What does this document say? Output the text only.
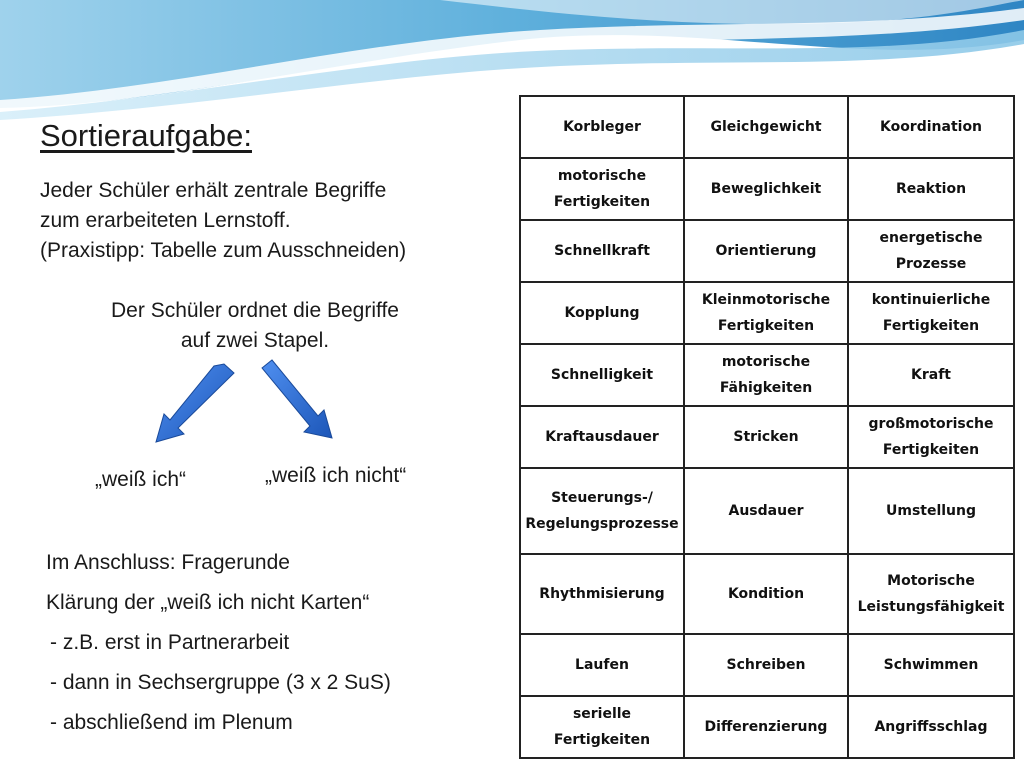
Sortieraufgabe:
Jeder Schüler erhält zentrale Begriffe
zum erarbeiteten Lernstoff.
(Praxistipp: Tabelle zum Ausschneiden)
Der Schüler ordnet die Begriffe
auf zwei Stapel.
„weiß ich“	„weiß ich nicht“
Im Anschluss: Fragerunde
Klärung der „weiß ich nicht Karten“
- z.B. erst in Partnerarbeit
- dann in Sechsergruppe (3 x 2 SuS)
- abschließend im Plenum
Korbleger	Gleichgewicht	Koordination
motorische Fertigkeiten	Beweglichkeit	Reaktion
Schnellkraft	Orientierung	energetische Prozesse
Kopplung	Kleinmotorische Fertigkeiten	kontinuierliche Fertigkeiten
Schnelligkeit	motorische Fähigkeiten	Kraft
Kraftausdauer	Stricken	großmotorische Fertigkeiten
Steuerungs-/ Regelungsprozesse	Ausdauer	Umstellung
Rhythmisierung	Kondition	Motorische Leistungsfähigkeit
Laufen	Schreiben	Schwimmen
serielle Fertigkeiten	Differenzierung	Angriffsschlag
